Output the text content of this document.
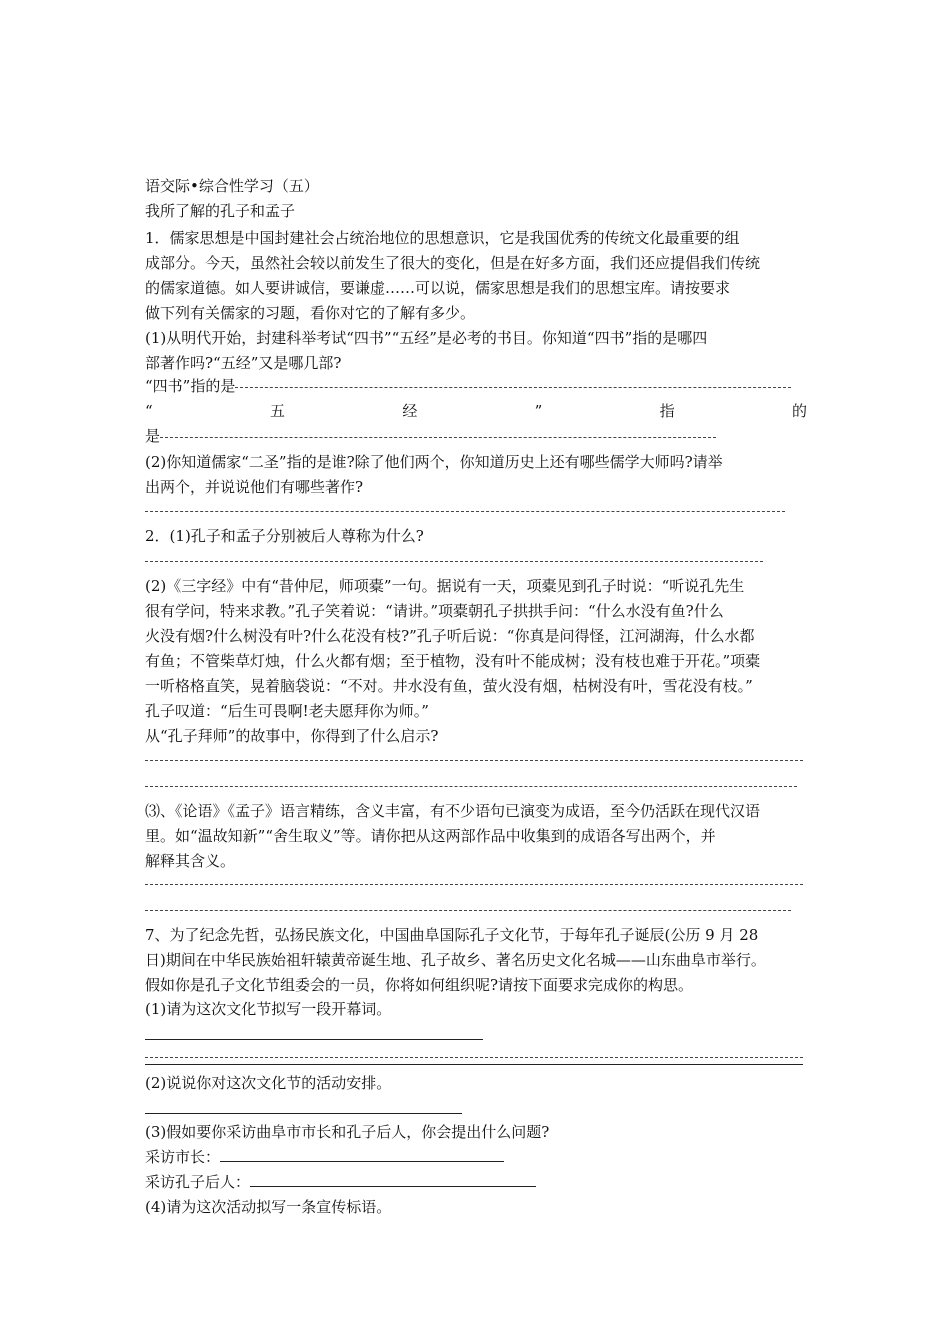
语交际•综合性学习（五）
我所了解的孔子和孟子
1．儒家思想是中国封建社会占统治地位的思想意识，它是我国优秀的传统文化最重要的组
成部分。今天，虽然社会较以前发生了很大的变化，但是在好多方面，我们还应提倡我们传统
的儒家道德。如人要讲诚信，要谦虚……可以说，儒家思想是我们的思想宝库。请按要求
做下列有关儒家的习题，看你对它的了解有多少。
(1)从明代开始，封建科举考试“四书”“五经”是必考的书目。你知道“四书”指的是哪四
部著作吗?“五经”又是哪几部?
“四书”指的是
“	五	经	”	指	的
是
(2)你知道儒家“二圣”指的是谁?除了他们两个，你知道历史上还有哪些儒学大师吗?请举
出两个，并说说他们有哪些著作?
2．(1)孔子和孟子分别被后人尊称为什么?
(2)《三字经》中有“昔仲尼，师项橐”一句。据说有一天，项橐见到孔子时说：“听说孔先生
很有学问，特来求教。”孔子笑着说：“请讲。”项橐朝孔子拱拱手问：“什么水没有鱼?什么
火没有烟?什么树没有叶?什么花没有枝?”孔子听后说：“你真是问得怪，江河湖海，什么水都
有鱼；不管柴草灯烛，什么火都有烟；至于植物，没有叶不能成树；没有枝也难于开花。”项橐
一听格格直笑，晃着脑袋说：“不对。井水没有鱼，萤火没有烟，枯树没有叶，雪花没有枝。”
孔子叹道：“后生可畏啊!老夫愿拜你为师。”
从“孔子拜师”的故事中，你得到了什么启示?
⑶、《论语》《孟子》语言精练，含义丰富，有不少语句已演变为成语，至今仍活跃在现代汉语
里。如“温故知新”“舍生取义”等。请你把从这两部作品中收集到的成语各写出两个，并
解释其含义。
7、为了纪念先哲，弘扬民族文化，中国曲阜国际孔子文化节，于每年孔子诞辰(公历 9 月 28
日)期间在中华民族始祖轩辕黄帝诞生地、孔子故乡、著名历史文化名城——山东曲阜市举行。
假如你是孔子文化节组委会的一员，你将如何组织呢?请按下面要求完成你的构思。
(1)请为这次文化节拟写一段开幕词。
(2)说说你对这次文化节的活动安排。
(3)假如要你采访曲阜市市长和孔子后人，你会提出什么问题?
采访市长：
采访孔子后人：
(4)请为这次活动拟写一条宣传标语。
